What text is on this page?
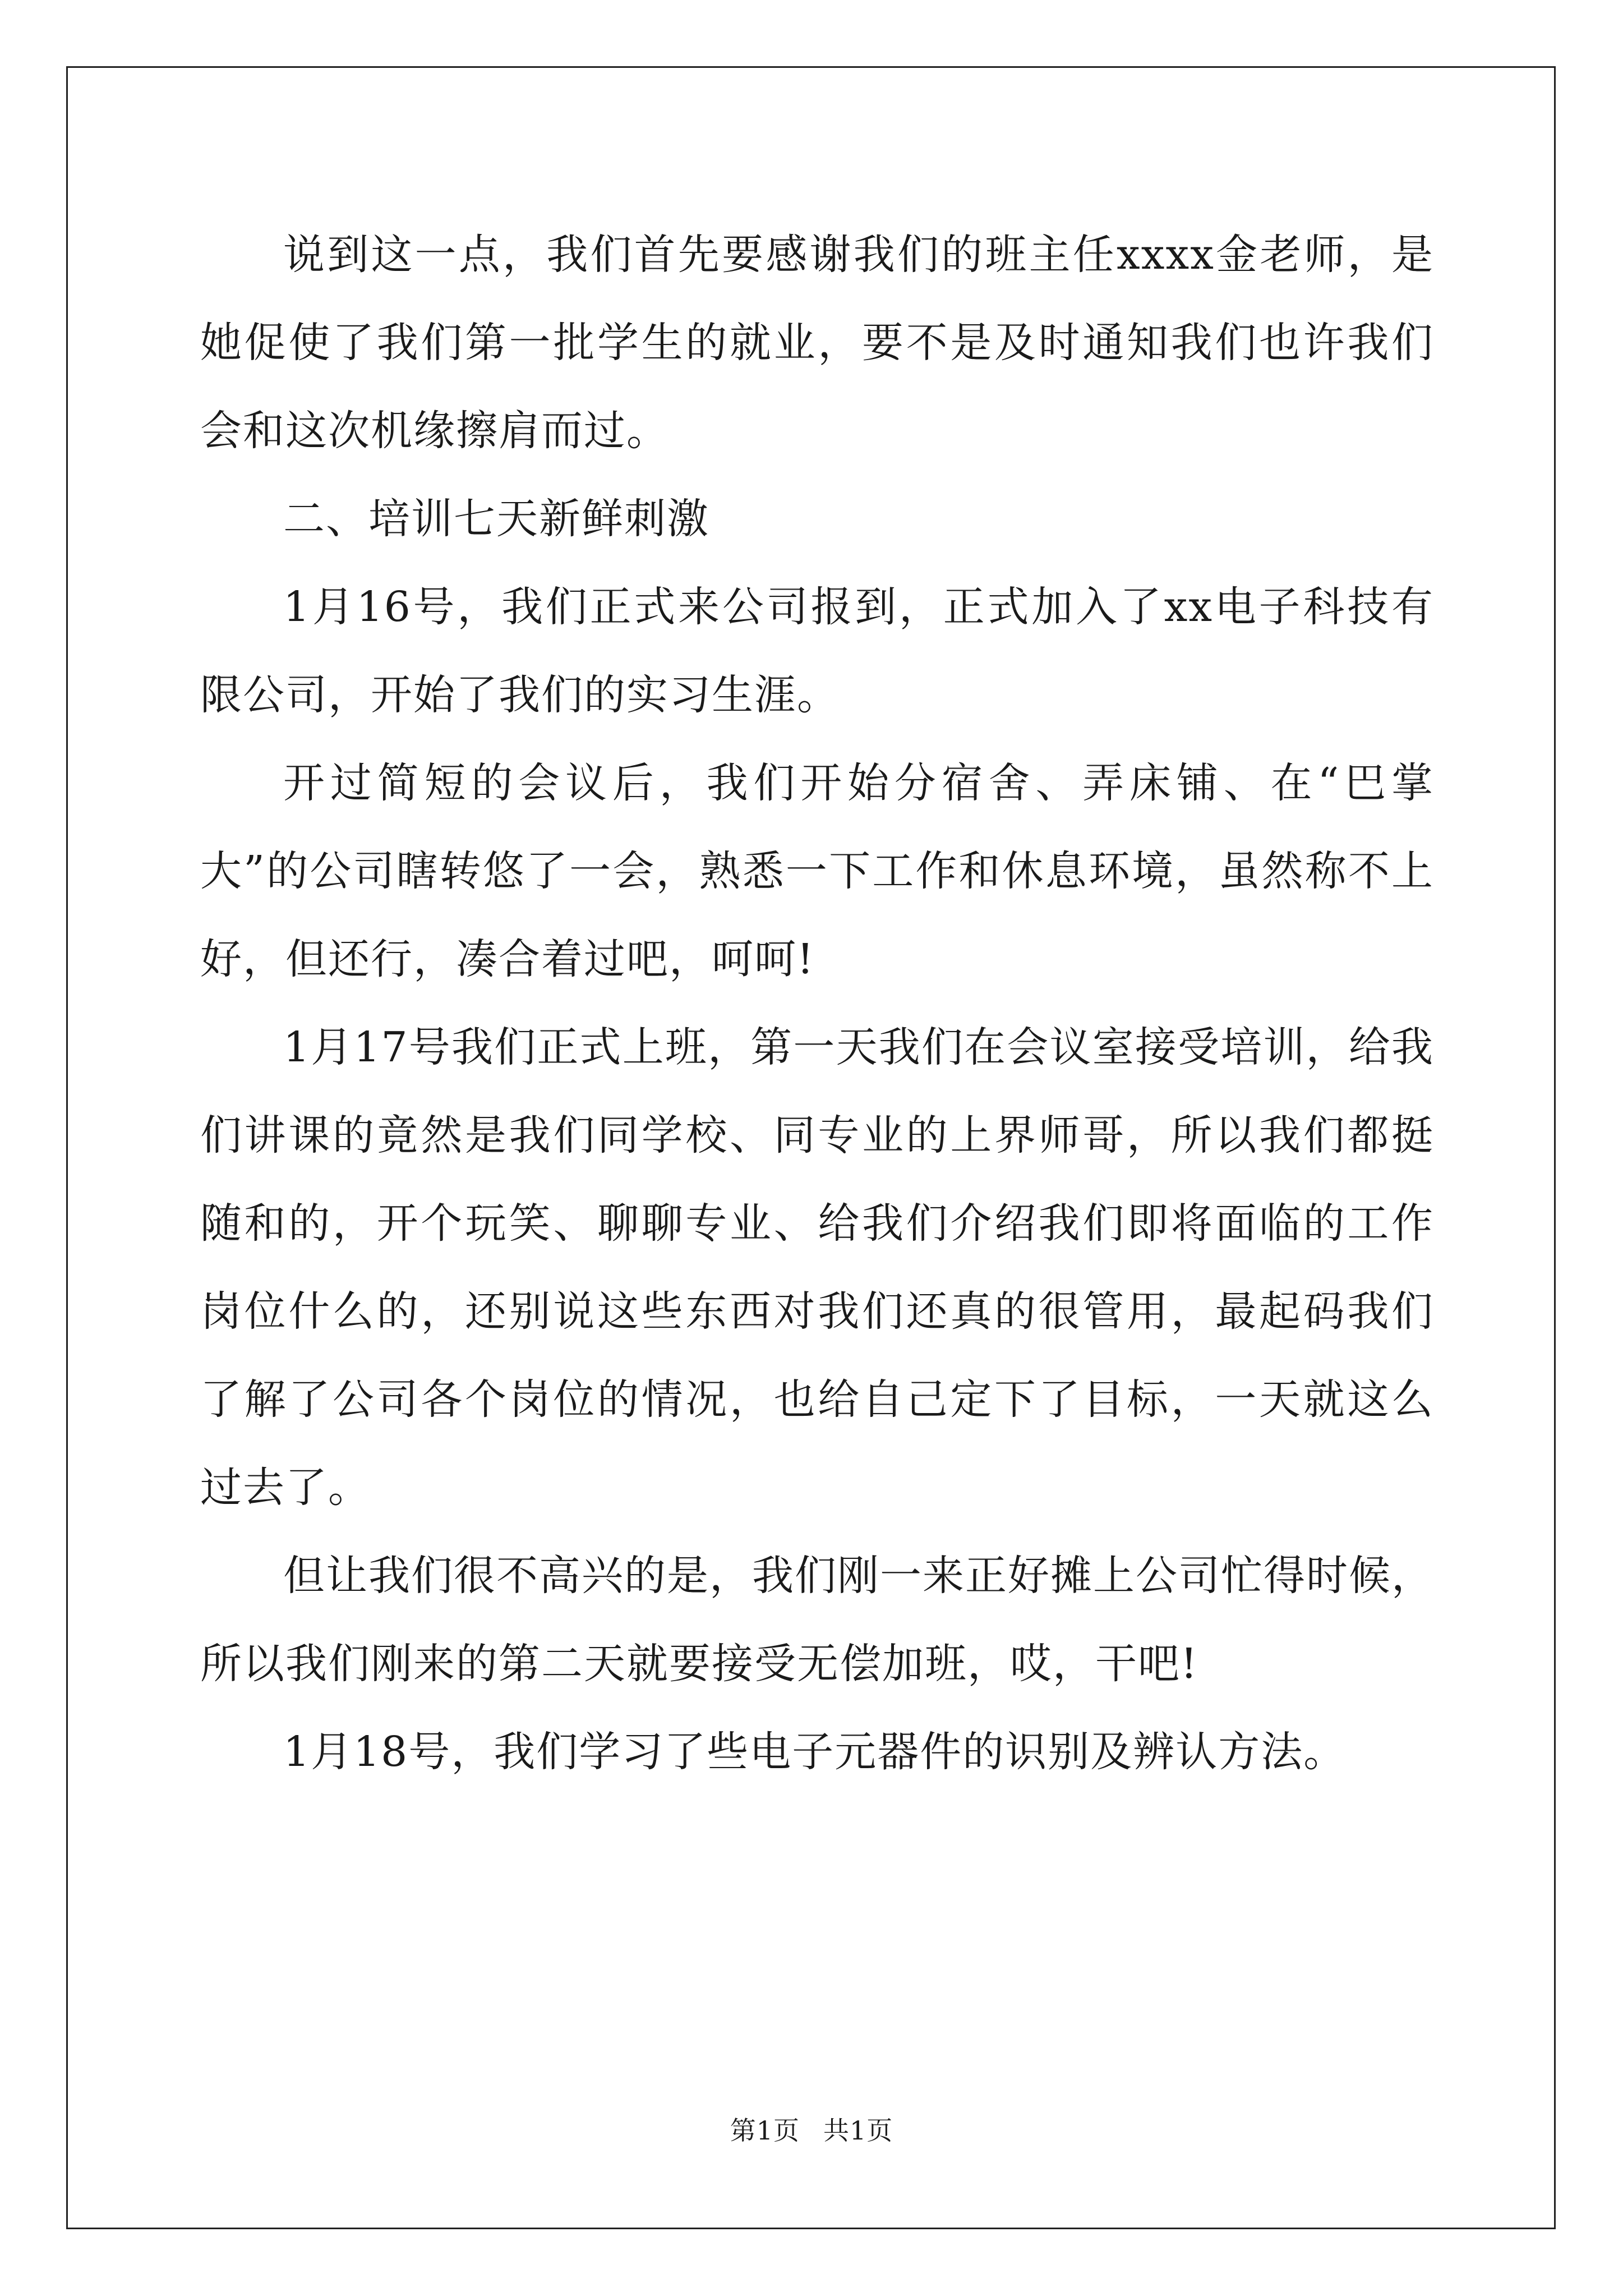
说到这一点，我们首先要感谢我们的班主任xxxx金老师，是她促使了我们第一批学生的就业，要不是及时通知我们也许我们会和这次机缘擦肩而过。

二、培训七天新鲜刺激

1月16号，我们正式来公司报到，正式加入了xx电子科技有限公司，开始了我们的实习生涯。

开过简短的会议后，我们开始分宿舍、弄床铺、在“巴掌大”的公司瞎转悠了一会，熟悉一下工作和休息环境，虽然称不上好，但还行，凑合着过吧，呵呵!

1月17号我们正式上班，第一天我们在会议室接受培训，给我们讲课的竟然是我们同学校、同专业的上界师哥，所以我们都挺随和的，开个玩笑、聊聊专业、给我们介绍我们即将面临的工作岗位什么的，还别说这些东西对我们还真的很管用，最起码我们了解了公司各个岗位的情况，也给自己定下了目标，一天就这么过去了。

但让我们很不高兴的是，我们刚一来正好摊上公司忙得时候，所以我们刚来的第二天就要接受无偿加班，哎，干吧!

1月18号，我们学习了些电子元器件的识别及辨认方法。

第1页 共1页
